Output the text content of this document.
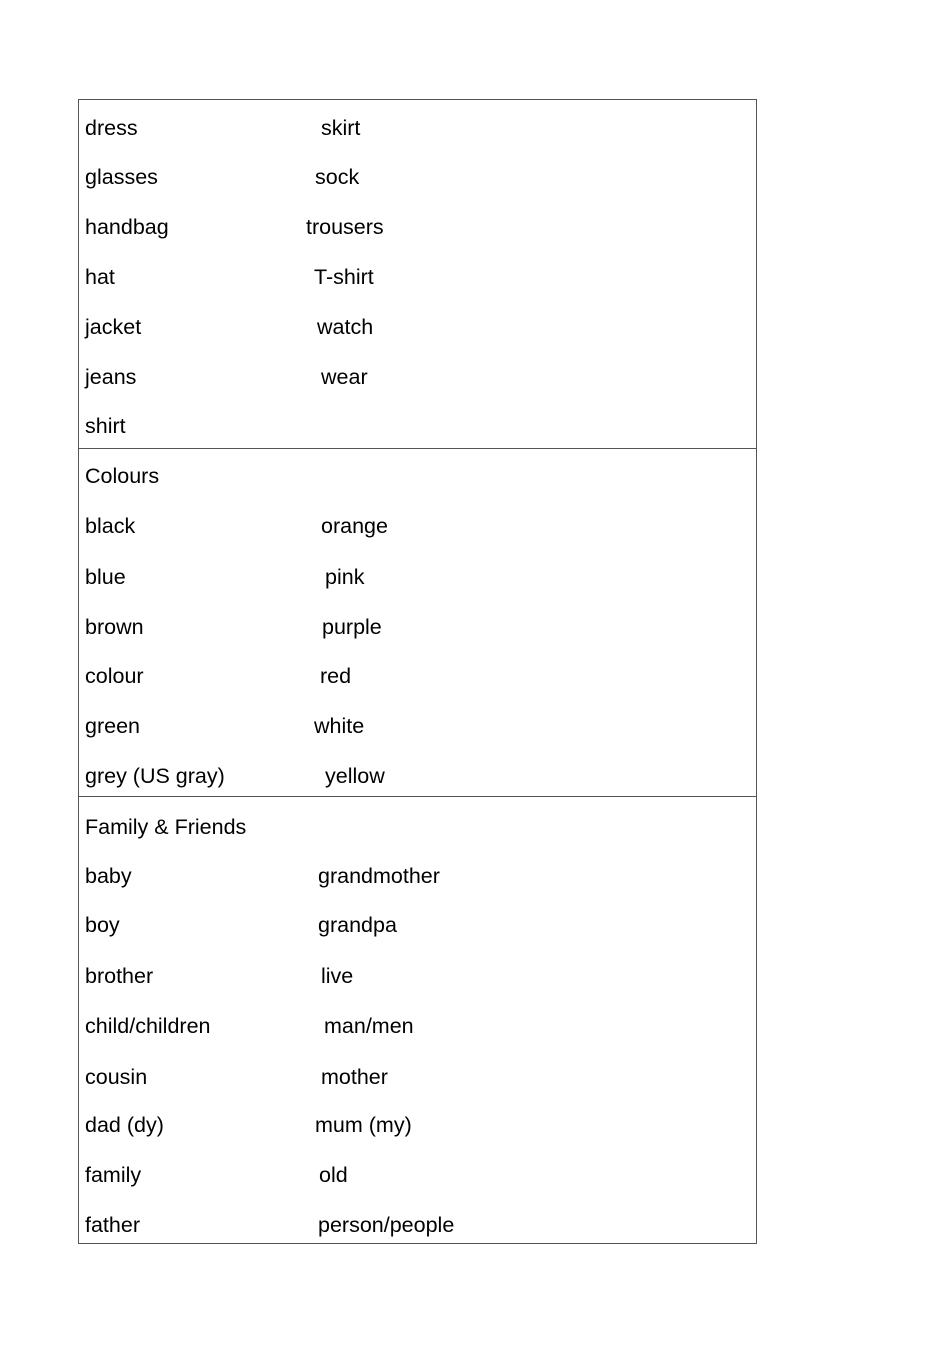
dress	skirt
glasses	sock
handbag	trousers
hat	T-shirt
jacket	watch
jeans	wear
shirt
Colours
black	orange
blue	pink
brown	purple
colour	red
green	white
grey (US gray)	yellow
Family & Friends
baby	grandmother
boy	grandpa
brother	live
child/children	man/men
cousin	mother
dad (dy)	mum (my)
family	old
father	person/people
